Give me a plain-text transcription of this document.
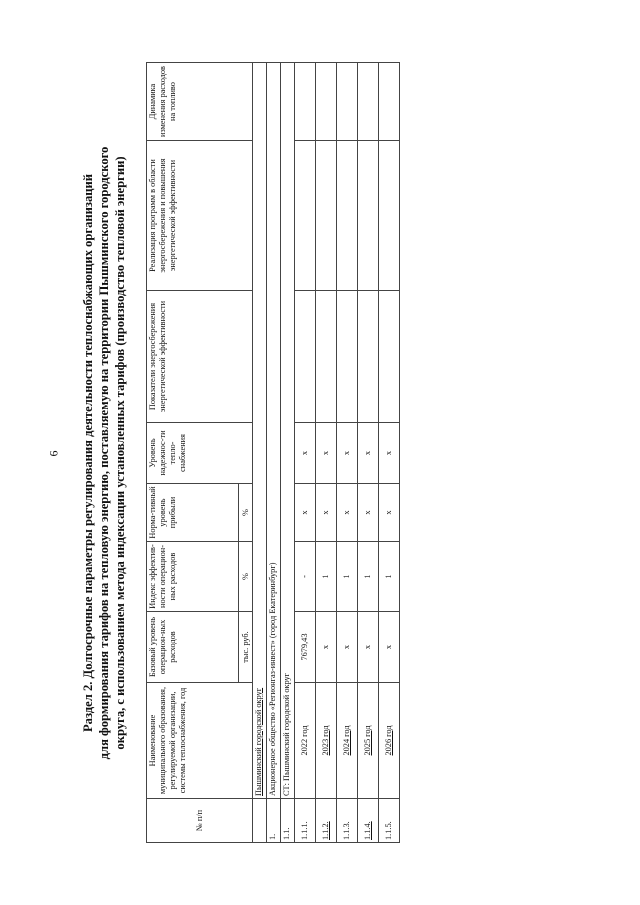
6 Раздел 2. Долгосрочные параметры регулирования деятельности теплоснабжающих организаций для формирования тарифов на тепловую энергию, поставляемую на территории Пышминского городского округа, с использованием метода индексации установленных тарифов (производство тепловой энергии)

№ п/п	Наименование муниципального образования, регулируемой организации, системы теплоснабжения, год	Базовый уровень операцион-ных расходов	Индекс эффектив-ности операцион-ных расходов	Норма-тивный уровень прибыли	Уровень надежнос-ти тепло-снабжения	Показатели энергосбережения энергетической эффективности	Реализация программ в области энергосбережения и повышения энергетической эффективности	Динамика изменения расходов на топливо
		тыс. руб.	%	%				
	Пышминский городской округ							
1.	Акционерное общество «Регионгаз-инвест» (город Екатеринбург)							
1.1.	СТ: Пышминский городской округ							
1.1.1.	2022 год	7679,43	-	x	x			
1.1.2.	2023 год	x	1	x	x			
1.1.3.	2024 год	x	1	x	x			
1.1.4.	2025 год	x	1	x	x			
1.1.5.	2026 год	x	1	x	x			
